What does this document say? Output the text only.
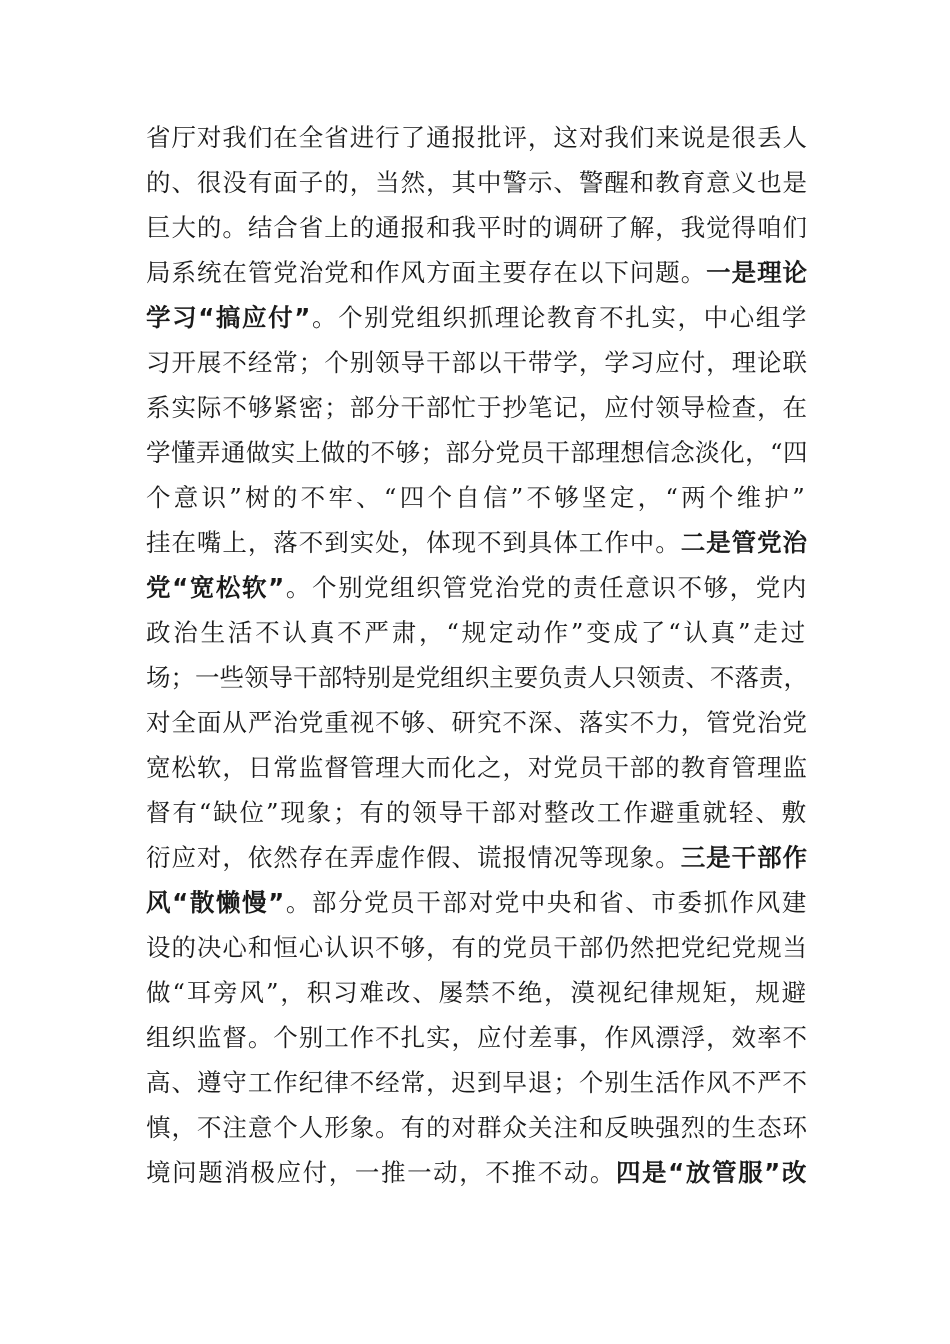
省厅对我们在全省进行了通报批评，这对我们来说是很丢人
的、很没有面子的，当然，其中警示、警醒和教育意义也是
巨大的。结合省上的通报和我平时的调研了解，我觉得咱们
局系统在管党治党和作风方面主要存在以下问题。一是理论
学习“搞应付”。个别党组织抓理论教育不扎实，中心组学
习开展不经常；个别领导干部以干带学，学习应付，理论联
系实际不够紧密；部分干部忙于抄笔记，应付领导检查，在
学懂弄通做实上做的不够；部分党员干部理想信念淡化，“四
个意识”树的不牢、“四个自信”不够坚定，“两个维护”
挂在嘴上，落不到实处，体现不到具体工作中。二是管党治
党“宽松软”。个别党组织管党治党的责任意识不够，党内
政治生活不认真不严肃，“规定动作”变成了“认真”走过
场；一些领导干部特别是党组织主要负责人只领责、不落责，
对全面从严治党重视不够、研究不深、落实不力，管党治党
宽松软，日常监督管理大而化之，对党员干部的教育管理监
督有“缺位”现象；有的领导干部对整改工作避重就轻、敷
衍应对，依然存在弄虚作假、谎报情况等现象。三是干部作
风“散懒慢”。部分党员干部对党中央和省、市委抓作风建
设的决心和恒心认识不够，有的党员干部仍然把党纪党规当
做“耳旁风”，积习难改、屡禁不绝，漠视纪律规矩，规避
组织监督。个别工作不扎实，应付差事，作风漂浮，效率不
高、遵守工作纪律不经常，迟到早退；个别生活作风不严不
慎，不注意个人形象。有的对群众关注和反映强烈的生态环
境问题消极应付，一推一动，不推不动。四是“放管服”改
